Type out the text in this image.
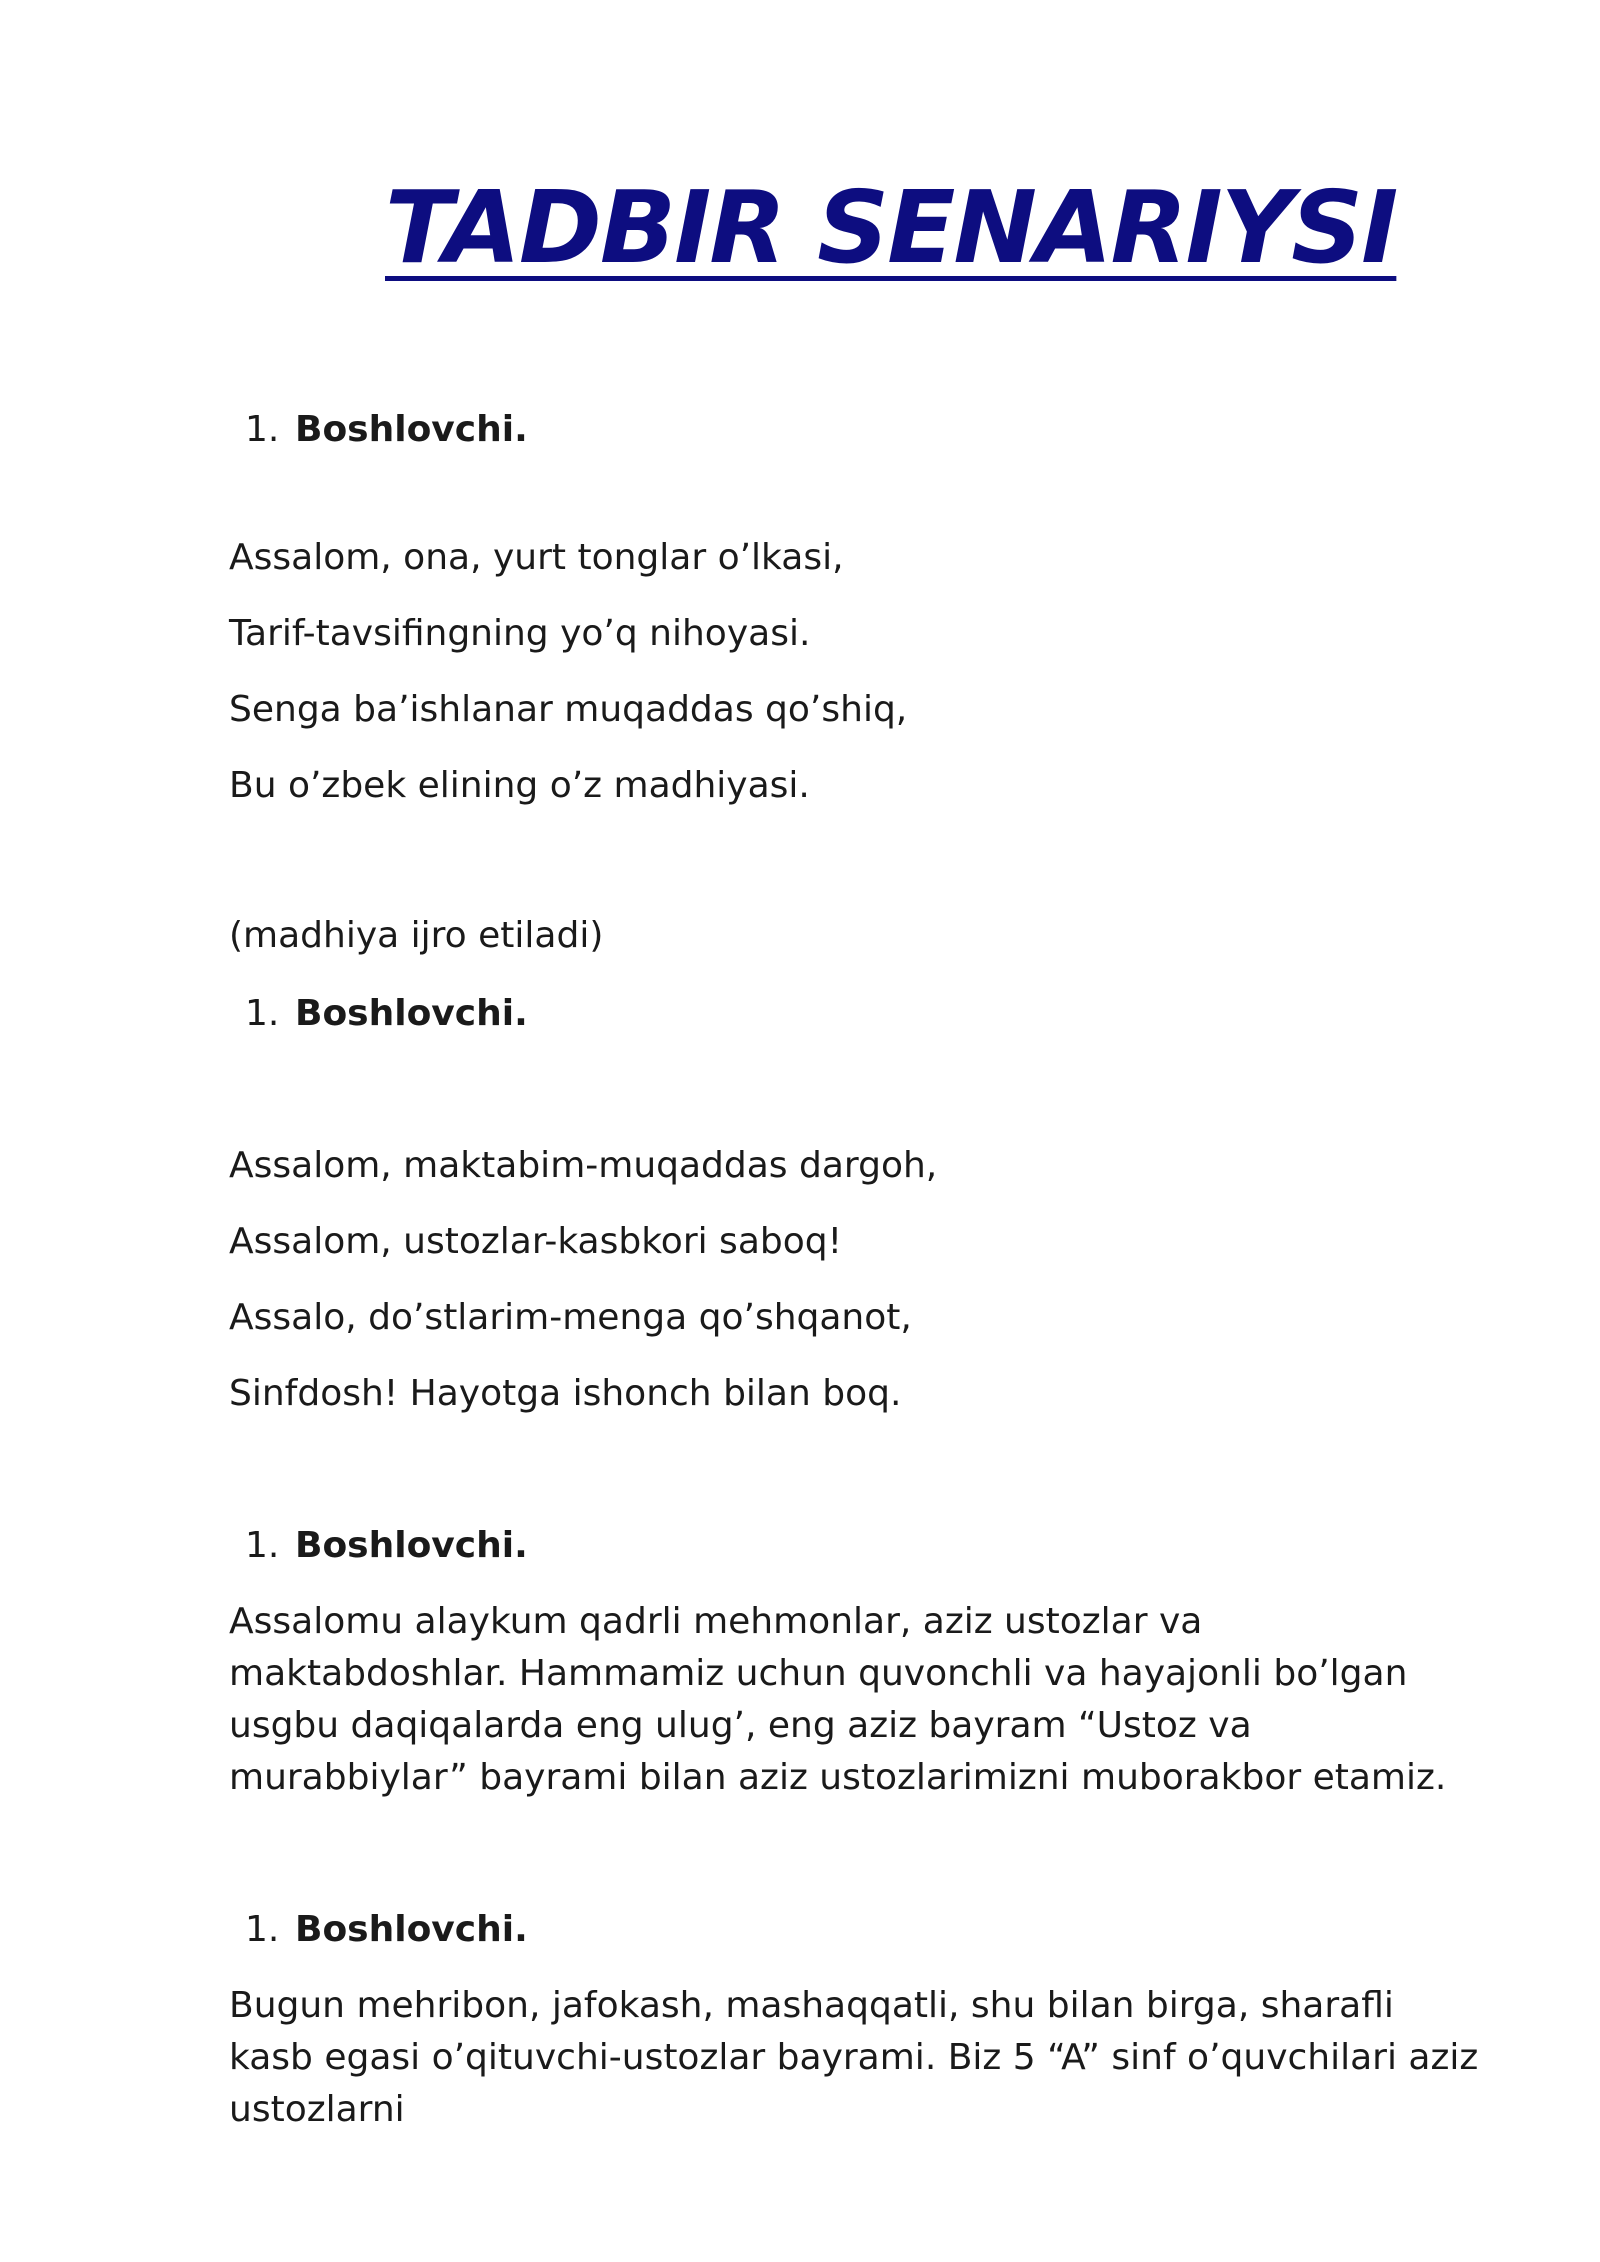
TADBIR SENARIYSI
1. Boshlovchi.
Assalom, ona, yurt tonglar o’lkasi,
Tarif-tavsifingning yo’q nihoyasi.
Senga ba’ishlanar muqaddas qo’shiq,
Bu o’zbek elining o’z madhiyasi.
(madhiya ijro etiladi)
1. Boshlovchi.
Assalom, maktabim-muqaddas dargoh,
Assalom, ustozlar-kasbkori saboq!
Assalo, do’stlarim-menga qo’shqanot,
Sinfdosh! Hayotga ishonch bilan boq.
1. Boshlovchi.

Assalomu alaykum qadrli mehmonlar, aziz ustozlar va maktabdoshlar. Hammamiz uchun quvonchli va hayajonli bo’lgan usgbu daqiqalarda eng ulug’, eng aziz bayram “Ustoz va murabbiylar” bayrami bilan aziz ustozlarimizni muborakbor etamiz.

1. Boshlovchi.

Bugun mehribon, jafokash, mashaqqatli, shu bilan birga, sharafli kasb egasi o’qituvchi-ustozlar bayrami. Biz 5 “A” sinf o’quvchilari aziz ustozlarni
